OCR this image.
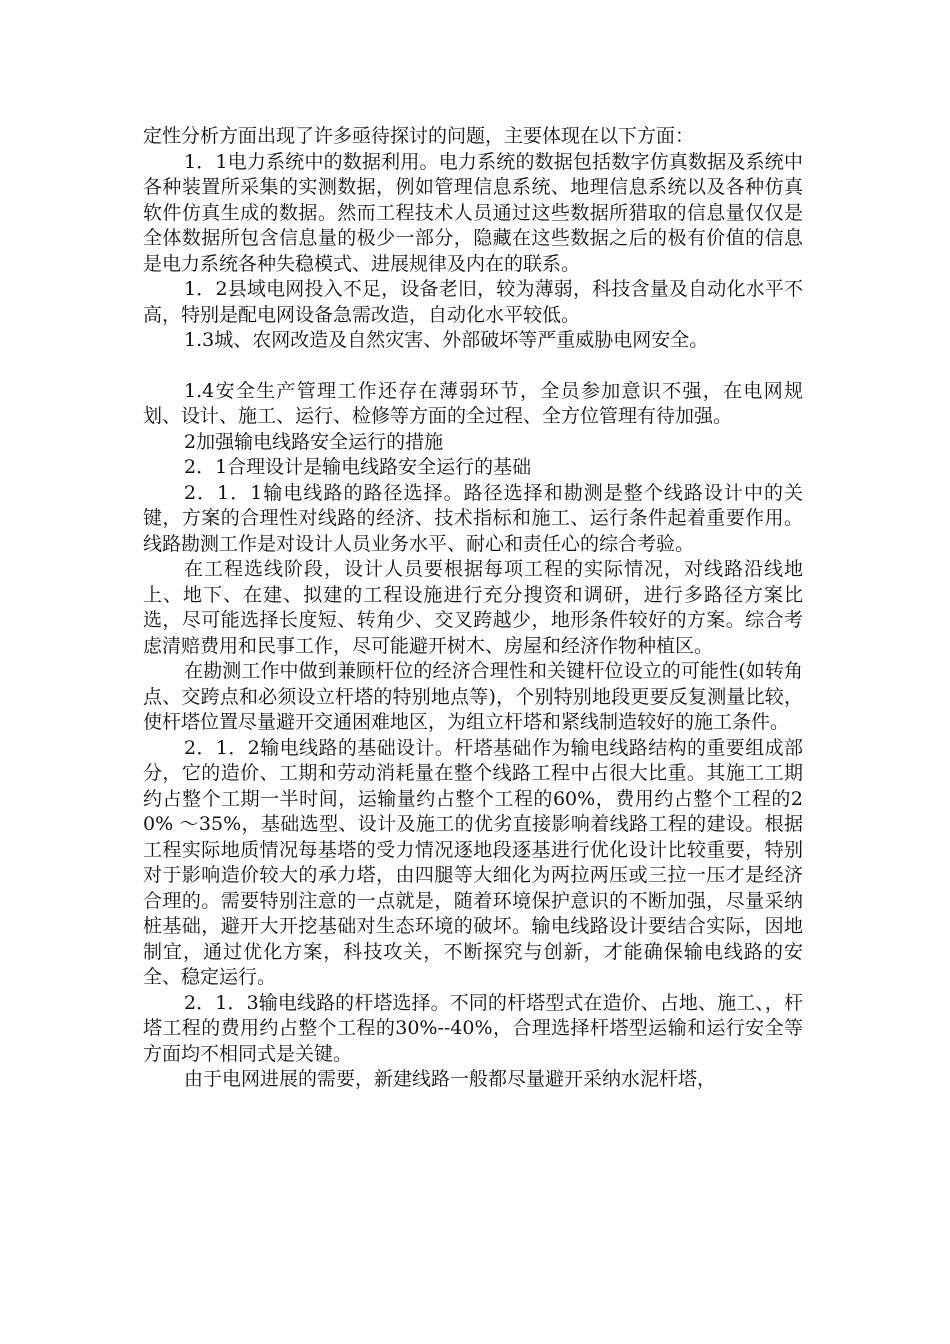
定性分析方面出现了许多亟待探讨的问题，主要体现在以下方面：

1．1电力系统中的数据利用。电力系统的数据包括数字仿真数据及系统中各种装置所采集的实测数据，例如管理信息系统、地理信息系统以及各种仿真软件仿真生成的数据。然而工程技术人员通过这些数据所猎取的信息量仅仅是全体数据所包含信息量的极少一部分，隐藏在这些数据之后的极有价值的信息是电力系统各种失稳模式、进展规律及内在的联系。

1．2县域电网投入不足，设备老旧，较为薄弱，科技含量及自动化水平不高，特别是配电网设备急需改造，自动化水平较低。

1.3城、农网改造及自然灾害、外部破坏等严重威胁电网安全。

1.4安全生产管理工作还存在薄弱环节，全员参加意识不强，在电网规划、设计、施工、运行、检修等方面的全过程、全方位管理有待加强。

2加强输电线路安全运行的措施

2．1合理设计是输电线路安全运行的基础

2．1．1输电线路的路径选择。路径选择和勘测是整个线路设计中的关键，方案的合理性对线路的经济、技术指标和施工、运行条件起着重要作用。线路勘测工作是对设计人员业务水平、耐心和责任心的综合考验。

在工程选线阶段，设计人员要根据每项工程的实际情况，对线路沿线地上、地下、在建、拟建的工程设施进行充分搜资和调研，进行多路径方案比选，尽可能选择长度短、转角少、交叉跨越少，地形条件较好的方案。综合考虑清赔费用和民事工作，尽可能避开树木、房屋和经济作物种植区。

在勘测工作中做到兼顾杆位的经济合理性和关键杆位设立的可能性(如转角点、交跨点和必须设立杆塔的特别地点等)，个别特别地段更要反复测量比较，使杆塔位置尽量避开交通困难地区，为组立杆塔和紧线制造较好的施工条件。

2．1．2输电线路的基础设计。杆塔基础作为输电线路结构的重要组成部分，它的造价、工期和劳动消耗量在整个线路工程中占很大比重。其施工工期约占整个工期一半时间，运输量约占整个工程的60%，费用约占整个工程的20% ～35%，基础选型、设计及施工的优劣直接影响着线路工程的建设。根据工程实际地质情况每基塔的受力情况逐地段逐基进行优化设计比较重要，特别对于影响造价较大的承力塔，由四腿等大细化为两拉两压或三拉一压才是经济合理的。需要特别注意的一点就是，随着环境保护意识的不断加强，尽量采纳桩基础，避开大开挖基础对生态环境的破坏。输电线路设计要结合实际，因地制宜，通过优化方案，科技攻关，不断探究与创新，才能确保输电线路的安全、稳定运行。

2．1．3输电线路的杆塔选择。不同的杆塔型式在造价、占地、施工、，杆塔工程的费用约占整个工程的30%--40%，合理选择杆塔型运输和运行安全等方面均不相同式是关键。

由于电网进展的需要，新建线路一般都尽量避开采纳水泥杆塔，
